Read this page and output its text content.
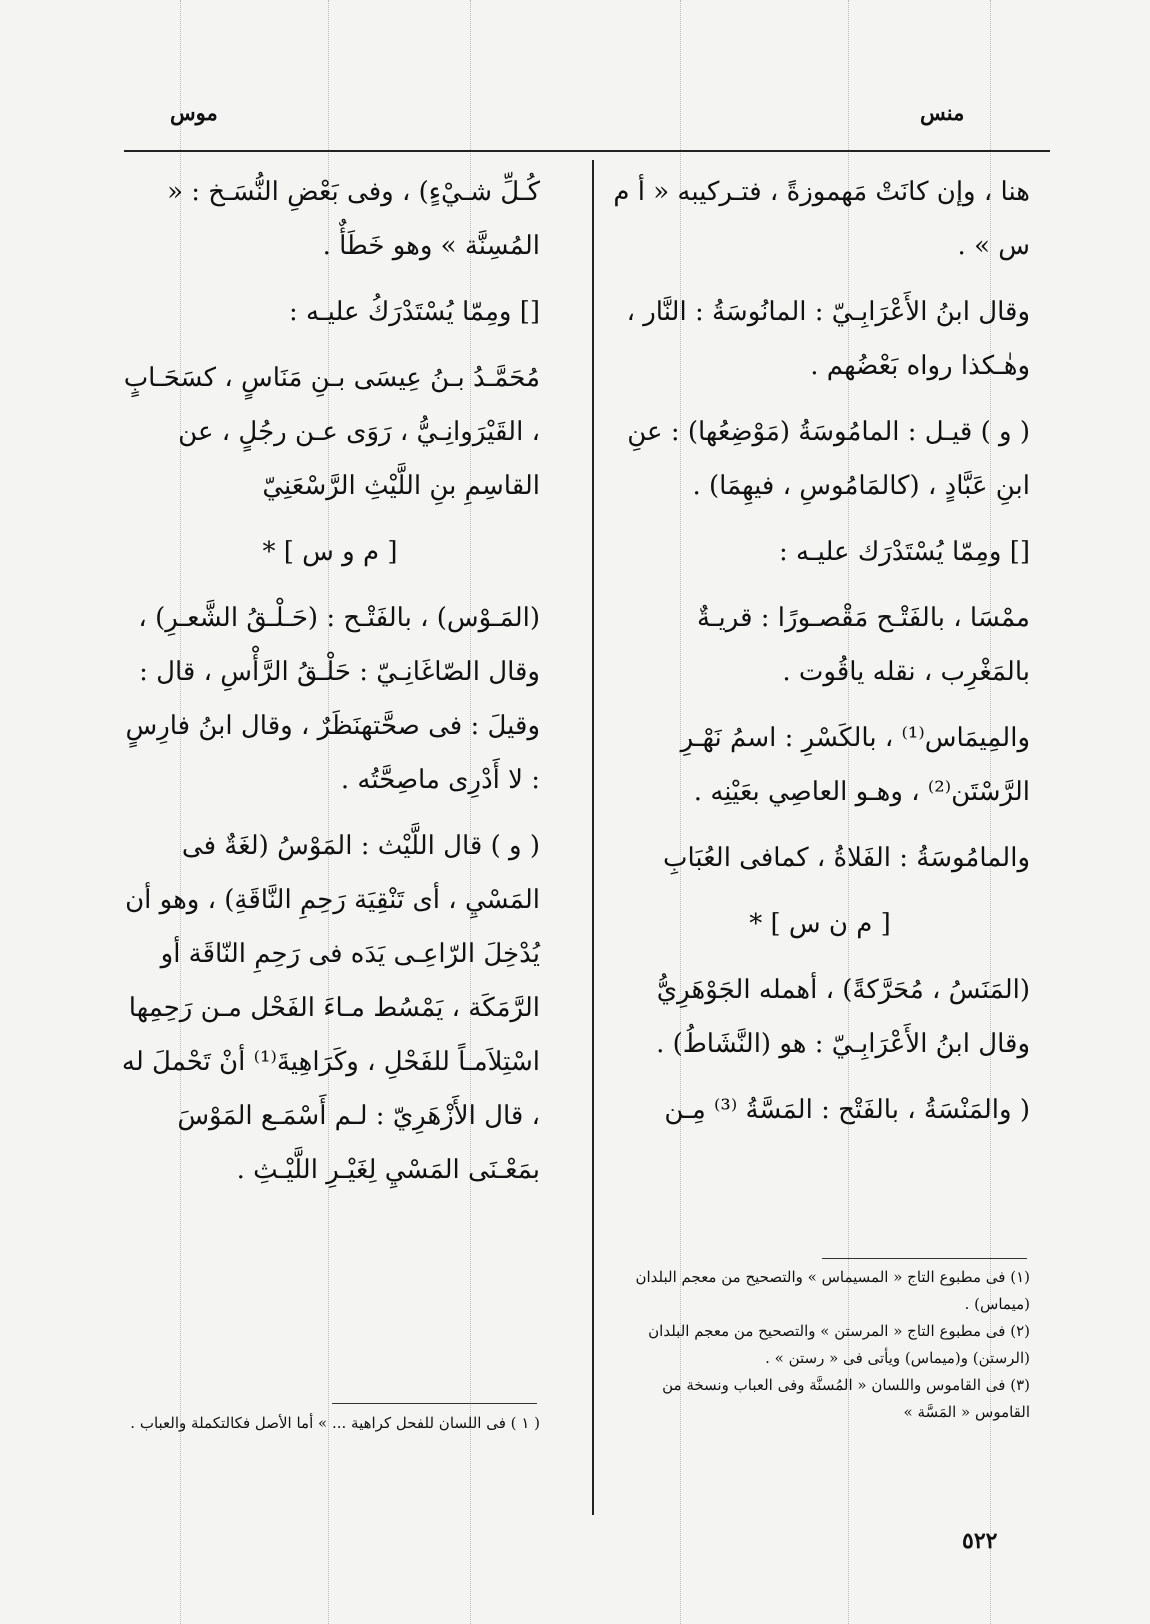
موس	منس

هنا ، وإن كانَتْ مَهموزةً ، فتـركيبه « أ م س » .

وقال ابنُ الأَعْرَابِـيّ : المانُوسَةُ : النَّار ، وهٰـكذا رواه بَعْضُهم .

( و ) قيـل : المامُوسَةُ (مَوْضِعُها) : عنِ ابنِ عَبَّادٍ ، (كالمَامُوسِ ، فيهِمَا) .

[] ومِمّا يُسْتَدْرَك عليـه :

ممْسَا ، بالفَتْـح مَقْصـورًا : قريـةٌ بالمَغْرِب ، نقله ياقُوت .

والمِيمَاس⁽¹⁾ ، بالكَسْرِ : اسمُ نَهْـرِ الرَّسْتَن⁽²⁾ ، وهـو العاصِي بعَيْنِه .

والمامُوسَةُ : الفَلاةُ ، كمافى العُبَابِ

[ م ن س ] *

(المَنَسُ ، مُحَرَّكةً) ، أهمله الجَوْهَرِيُّ وقال ابنُ الأَعْرَابِـيّ : هو (النَّشَاطُ) .

( والمَنْسَةُ ، بالفَتْح : المَسَّةُ ⁽³⁾ مِـن

(١) فى مطبوع التاج « المسيماس » والتصحيح من معجم البلدان (ميماس) .

(٢) فى مطبوع التاج « المرستن » والتصحيح من معجم البلدان (الرستن) و(ميماس) ويأتى فى « رستن » .

(٣) فى القاموس واللسان « المُسنَّة وفى العباب ونسخة من القاموس « المَسَّة »

كُـلِّ شـيْءٍ) ، وفى بَعْضِ النُّسَـخ : « المُسِنَّة » وهو خَطَأٌ .

[] ومِمّا يُسْتَدْرَكُ عليـه :

مُحَمَّـدُ بـنُ عِيسَى بـنِ مَنَاسٍ ، كسَحَـابٍ ، القَيْرَوانِـيُّ ، رَوَى عـن رجُلٍ ، عن القاسِمِ بنِ اللَّيْثِ الرَّسْعَنِيّ

[ م و س ] *

(المَـوْس) ، بالفَتْـح : (حَـلْـقُ الشَّعـرِ) ، وقال الصّاغَانِـيّ : حَلْـقُ الرَّأْسِ ، قال : وقيلَ : فى صحَّتهنَظَرٌ ، وقال ابنُ فارِسٍ : لا أَدْرِى ماصِحَّتُه .

( و ) قال اللَّيْث : المَوْسُ (لغَةٌ فى المَسْيِ ، أى تَنْقِيَة رَحِمِ النَّاقَةِ) ، وهو أن يُدْخِلَ الرّاعِـى يَدَه فى رَحِمِ النّاقَة أو الرَّمَكَة ، يَمْسُط مـاءَ الفَحْل مـن رَحِمِها اسْتِلاَمـاً للفَحْلِ ، وكَرَاهِيةَ⁽¹⁾ أنْ تَحْملَ له ، قال الأَزْهَرِيّ : لـم أَسْمَـع المَوْسَ بمَعْـنَى المَسْيِ لِغَيْـرِ اللَّيْـثِ .

( ١ ) فى اللسان للفحل كراهية ... » أما الأصل فكالتكملة والعباب .

٥٢٢
